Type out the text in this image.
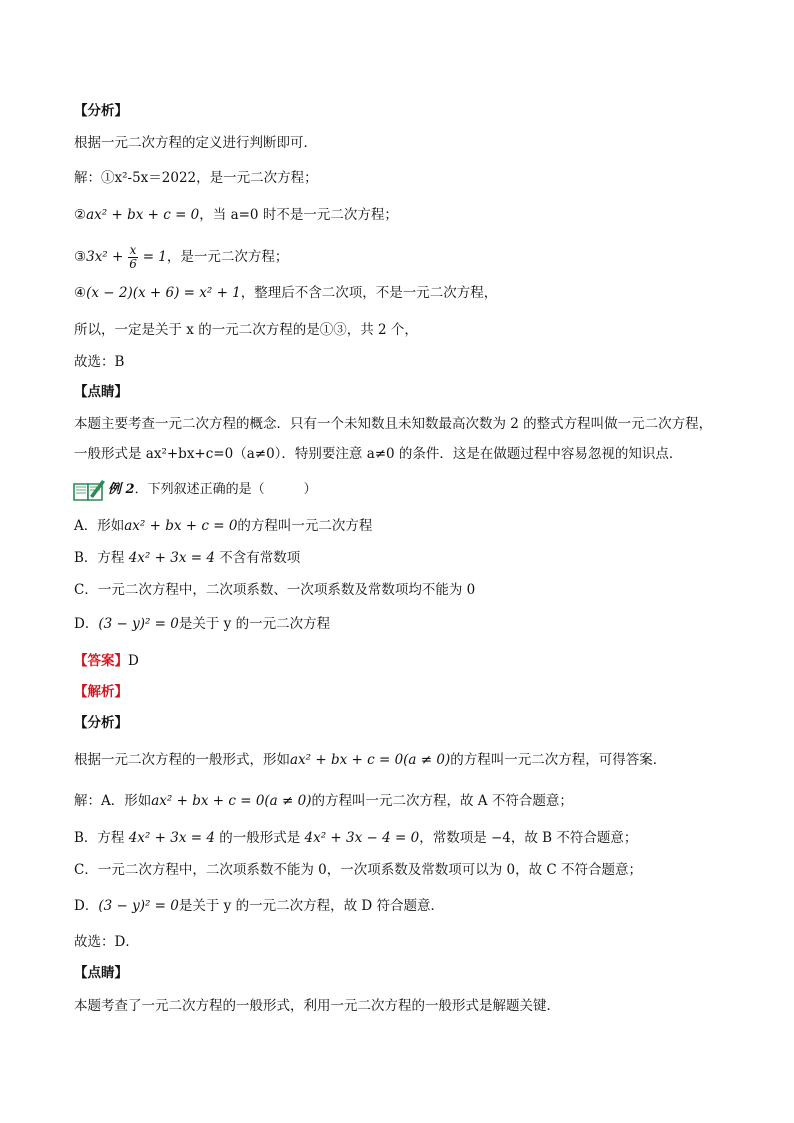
【分析】
根据一元二次方程的定义进行判断即可．
解：①x²-5x＝2022，是一元二次方程；
②ax² + bx + c = 0，当 a=0 时不是一元二次方程；
③3x² + $\frac{x}{6} = 1$，是一元二次方程；
④(x − 2)(x + 6) = x² + 1，整理后不含二次项，不是一元二次方程，
所以，一定是关于 x 的一元二次方程的是①③，共 2 个，
故选：B
【点睛】
本题主要考查一元二次方程的概念．只有一个未知数且未知数最高次数为 2 的整式方程叫做一元二次方程，
一般形式是 ax²+bx+c=0（a≠0）．特别要注意 a≠0 的条件．这是在做题过程中容易忽视的知识点．
例 2．下列叙述正确的是（　　　）
A．形如ax² + bx + c = 0的方程叫一元二次方程
B．方程 4x² + 3x = 4 不含有常数项
C．一元二次方程中，二次项系数、一次项系数及常数项均不能为 0
D．(3 − y)² = 0是关于 y 的一元二次方程
【答案】D
【解析】
【分析】
根据一元二次方程的一般形式，形如ax² + bx + c = 0(a ≠ 0)的方程叫一元二次方程，可得答案．
解：A．形如ax² + bx + c = 0(a ≠ 0)的方程叫一元二次方程，故 A 不符合题意；
B．方程 4x² + 3x = 4 的一般形式是 4x² + 3x − 4 = 0，常数项是 −4，故 B 不符合题意；
C．一元二次方程中，二次项系数不能为 0，一次项系数及常数项可以为 0，故 C 不符合题意；
D．(3 − y)² = 0是关于 y 的一元二次方程，故 D 符合题意．
故选：D．
【点睛】
本题考查了一元二次方程的一般形式，利用一元二次方程的一般形式是解题关键．
